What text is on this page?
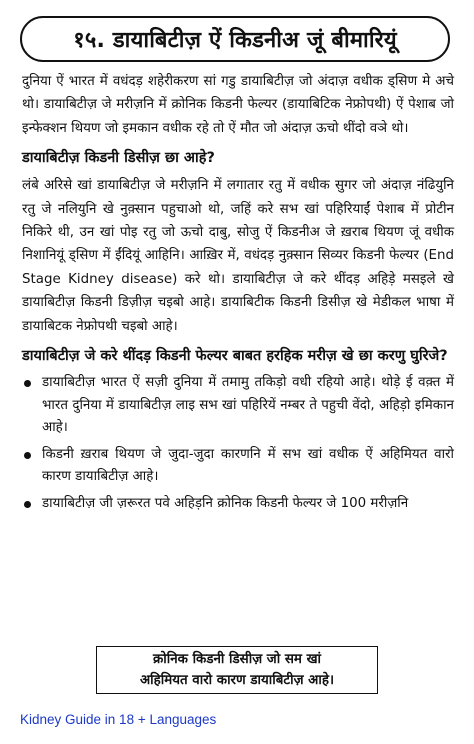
१५. डायाबिटीज़ ऐं किडनीअ जूं बीमारियूं

दुनिया ऐं भारत में वधंदड़ शहेरीकरण सां गडु डायाबिटीज़ जो अंदाज़ वधीक ड्सिण मे अचे थो। डायाबिटीज़ जे मरीज़नि में क्रोनिक किडनी फेल्यर (डायाबिटिक नेफ्रोपथी) ऐं पेशाब जो इन्फेक्शन थियण जो इमकान वधीक रहे तो ऐं मौत जो अंदाज़ ऊचो थींदो वञे थो।

डायाबिटीज़ किडनी डिसीज़ छा आहे?

लंबे अरिसे खां डायाबिटीज़ जे मरीज़नि में लगातार रतु में वधीक सुगर जो अंदाज़ नंढियुनि रतु जे नलियुनि खे नुक़्सान पहुचाओ थो, जहिं करे सभ खां पहिरियाईं पेशाब में प्रोटीन निकिरे थी, उन खां पोइ रतु जो ऊचो दाबु, सोजु ऐं किडनीअ जे ख़राब थियण जूं वधीक निशानियूं ड्सिण में ईंदियूं आहिनि। आख़िर में, वधंदड़ नुक़्सान सिव्यर किडनी फेल्यर (End Stage Kidney disease) करे थो। डायाबिटीज़ जे करे थींदड़ अहिड़े मसइले खे डायाबिटीज़ किडनी डिज़ीज़ चइबो आहे। डायाबिटीक किडनी डिसीज़ खे मेडीकल भाषा में डायाबिटक नेफ्रोपथी चइबो आहे।

डायाबिटीज़ जे करे थींदड़ किडनी फेल्यर बाबत हरहिक मरीज़ खे छा करणु घुरिजे?
डायाबिटीज़ भारत ऐं सज़ी दुनिया में तमामु तकिड़ो वधी रहियो आहे। थोड़े ई वक़्त में भारत दुनिया में डायाबिटीज़ लाइ सभ खां पहिरियें नम्बर ते पहुची वेंदो, अहिड़ो इमिकान आहे।
किडनी ख़राब थियण जे जुदा-जुदा कारणनि में सभ खां वधीक ऐं अहिमियत वारो कारण डायाबिटीज़ आहे।
डायाबिटीज़ जी ज़रूरत पवे अहिड़नि क्रोनिक किडनी फेल्यर जे 100 मरीज़नि
क्रोनिक किडनी डिसीज़ जो सम खां
अहिमियत वारो कारण डायाबिटीज़ आहे।
Kidney Guide in 18 + Languages
